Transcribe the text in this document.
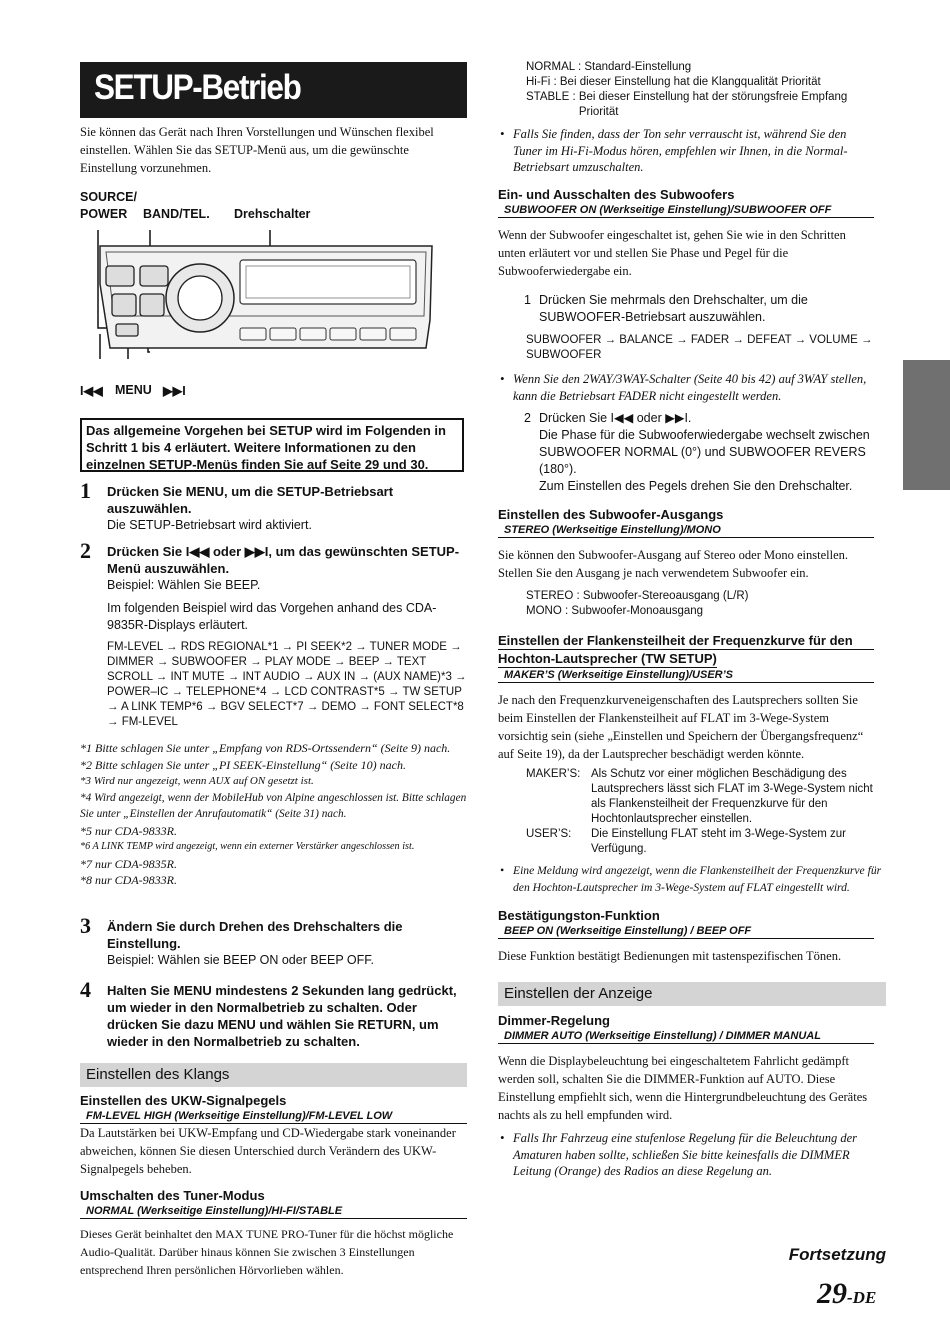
SETUP-Betrieb
Sie können das Gerät nach Ihren Vorstellungen und Wünschen flexibel einstellen. Wählen Sie das SETUP-Menü aus, um die gewünschte Einstellung vorzunehmen.
SOURCE/
POWER BAND/TEL. Drehschalter
I◀◀ MENU ▶▶I
Das allgemeine Vorgehen bei SETUP wird im Folgenden in Schritt 1 bis 4 erläutert. Weitere Informationen zu den einzelnen SETUP-Menüs finden Sie auf Seite 29 und 30.
1 Drücken Sie MENU, um die SETUP-Betriebsart auszuwählen.
Die SETUP-Betriebsart wird aktiviert.
2 Drücken Sie I◀◀ oder ▶▶I, um das gewünschten SETUP-Menü auszuwählen.
Beispiel: Wählen Sie BEEP.
Im folgenden Beispiel wird das Vorgehen anhand des CDA-9835R-Displays erläutert.
FM-LEVEL → RDS REGIONAL*1 → PI SEEK*2 → TUNER MODE → DIMMER → SUBWOOFER → PLAY MODE → BEEP → TEXT SCROLL → INT MUTE → INT AUDIO → AUX IN → (AUX NAME)*3 → POWER–IC → TELEPHONE*4 → LCD CONTRAST*5 → TW SETUP → A LINK TEMP*6 → BGV SELECT*7 → DEMO → FONT SELECT*8 → FM-LEVEL
*1 Bitte schlagen Sie unter „Empfang von RDS-Ortssendern“ (Seite 9) nach.
*2 Bitte schlagen Sie unter „PI SEEK-Einstellung“ (Seite 10) nach.
*3 Wird nur angezeigt, wenn AUX auf ON gesetzt ist.
*4 Wird angezeigt, wenn der MobileHub von Alpine angeschlossen ist. Bitte schlagen Sie unter „Einstellen der Anrufautomatik“ (Seite 31) nach.
*5 nur CDA-9833R.
*6 A LINK TEMP wird angezeigt, wenn ein externer Verstärker angeschlossen ist.
*7 nur CDA-9835R.
*8 nur CDA-9833R.
3 Ändern Sie durch Drehen des Drehschalters die Einstellung.
Beispiel: Wählen sie BEEP ON oder BEEP OFF.
4 Halten Sie MENU mindestens 2 Sekunden lang gedrückt, um wieder in den Normalbetrieb zu schalten. Oder drücken Sie dazu MENU und wählen Sie RETURN, um wieder in den Normalbetrieb zu schalten.
Einstellen des Klangs
Einstellen des UKW-Signalpegels
FM-LEVEL HIGH (Werkseitige Einstellung)/FM-LEVEL LOW
Da Lautstärken bei UKW-Empfang und CD-Wiedergabe stark voneinander abweichen, können Sie diesen Unterschied durch Verändern des UKW-Signalpegels beheben.
Umschalten des Tuner-Modus
NORMAL (Werkseitige Einstellung)/HI-FI/STABLE
Dieses Gerät beinhaltet den MAX TUNE PRO-Tuner für die höchst mögliche Audio-Qualität. Darüber hinaus können Sie zwischen 3 Einstellungen entsprechend Ihren persönlichen Hörvorlieben wählen.
NORMAL :
Standard-Einstellung
Hi-Fi :
Bei dieser Einstellung hat die Klangqualität Priorität
STABLE :
Bei dieser Einstellung hat der störungsfreie Empfang Priorität
• Falls Sie finden, dass der Ton sehr verrauscht ist, während Sie den Tuner im Hi-Fi-Modus hören, empfehlen wir Ihnen, in die Normal-Betriebsart umzuschalten.
Ein- und Ausschalten des Subwoofers
SUBWOOFER ON (Werkseitige Einstellung)/SUBWOOFER OFF
Wenn der Subwoofer eingeschaltet ist, gehen Sie wie in den Schritten unten erläutert vor und stellen Sie Phase und Pegel für die Subwooferwiedergabe ein.
1 Drücken Sie mehrmals den Drehschalter, um die SUBWOOFER-Betriebsart auszuwählen.
SUBWOOFER → BALANCE → FADER → DEFEAT → VOLUME → SUBWOOFER
• Wenn Sie den 2WAY/3WAY-Schalter (Seite 40 bis 42) auf 3WAY stellen, kann die Betriebsart FADER nicht eingestellt werden.
2 Drücken Sie I◀◀ oder ▶▶I.
Die Phase für die Subwooferwiedergabe wechselt zwischen SUBWOOFER NORMAL (0°) und SUBWOOFER REVERS (180°).
Zum Einstellen des Pegels drehen Sie den Drehschalter.
Einstellen des Subwoofer-Ausgangs
STEREO (Werkseitige Einstellung)/MONO
Sie können den Subwoofer-Ausgang auf Stereo oder Mono einstellen. Stellen Sie den Ausgang je nach verwendetem Subwoofer ein.
STEREO :
Subwoofer-Stereoausgang (L/R)
MONO :
Subwoofer-Monoausgang
Einstellen der Flankensteilheit der Frequenzkurve für den
Hochton-Lautsprecher (TW SETUP)
MAKER’S (Werkseitige Einstellung)/USER’S
Je nach den Frequenzkurveneigenschaften des Lautsprechers sollten Sie beim Einstellen der Flankensteilheit auf FLAT im 3-Wege-System vorsichtig sein (siehe „Einstellen und Speichern der Übergangsfrequenz“ auf Seite 19), da der Lautsprecher beschädigt werden könnte.
MAKER’S: Als Schutz vor einer möglichen Beschädigung des Lautsprechers lässt sich FLAT im 3-Wege-System nicht als Flankensteilheit der Frequenzkurve für den Hochtonlautsprecher einstellen.
USER’S:	Die Einstellung FLAT steht im 3-Wege-System zur Verfügung.
• Eine Meldung wird angezeigt, wenn die Flankensteilheit der Frequenzkurve für den Hochton-Lautsprecher im 3-Wege-System auf FLAT eingestellt wird.
Bestätigungston-Funktion
BEEP ON (Werkseitige Einstellung) / BEEP OFF
Diese Funktion bestätigt Bedienungen mit tastenspezifischen Tönen.
Einstellen der Anzeige
Dimmer-Regelung
DIMMER AUTO (Werkseitige Einstellung) / DIMMER MANUAL
Wenn die Displaybeleuchtung bei eingeschaltetem Fahrlicht gedämpft werden soll, schalten Sie die DIMMER-Funktion auf AUTO. Diese Einstellung empfiehlt sich, wenn die Hintergrundbeleuchtung des Gerätes nachts als zu hell empfunden wird.
• Falls Ihr Fahrzeug eine stufenlose Regelung für die Beleuchtung der Amaturen haben sollte, schließen Sie bitte keinesfalls die DIMMER Leitung (Orange) des Radios an diese Regelung an.
Fortsetzung
29-DE
